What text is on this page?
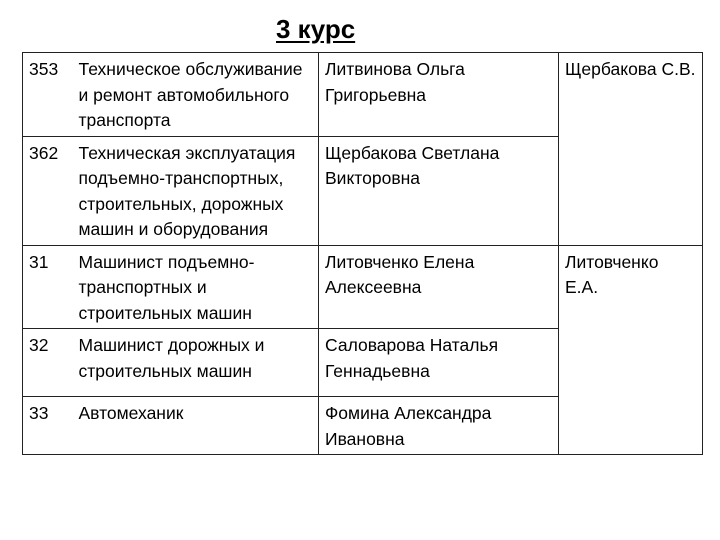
3 курс
353	Техническое обслуживание и ремонт автомобильного транспорта	Литвинова Ольга Григорьевна	Щербакова С.В.
362	Техническая эксплуатация подъемно-транспортных, строительных, дорожных машин и оборудования	Щербакова Светлана Викторовна	
31	Машинист подъемно-транспортных и строительных машин	Литовченко Елена Алексеевна	Литовченко Е.А.
32	Машинист дорожных и строительных машин	Саловарова Наталья Геннадьевна	
33	Автомеханик	Фомина Александра Ивановна	
